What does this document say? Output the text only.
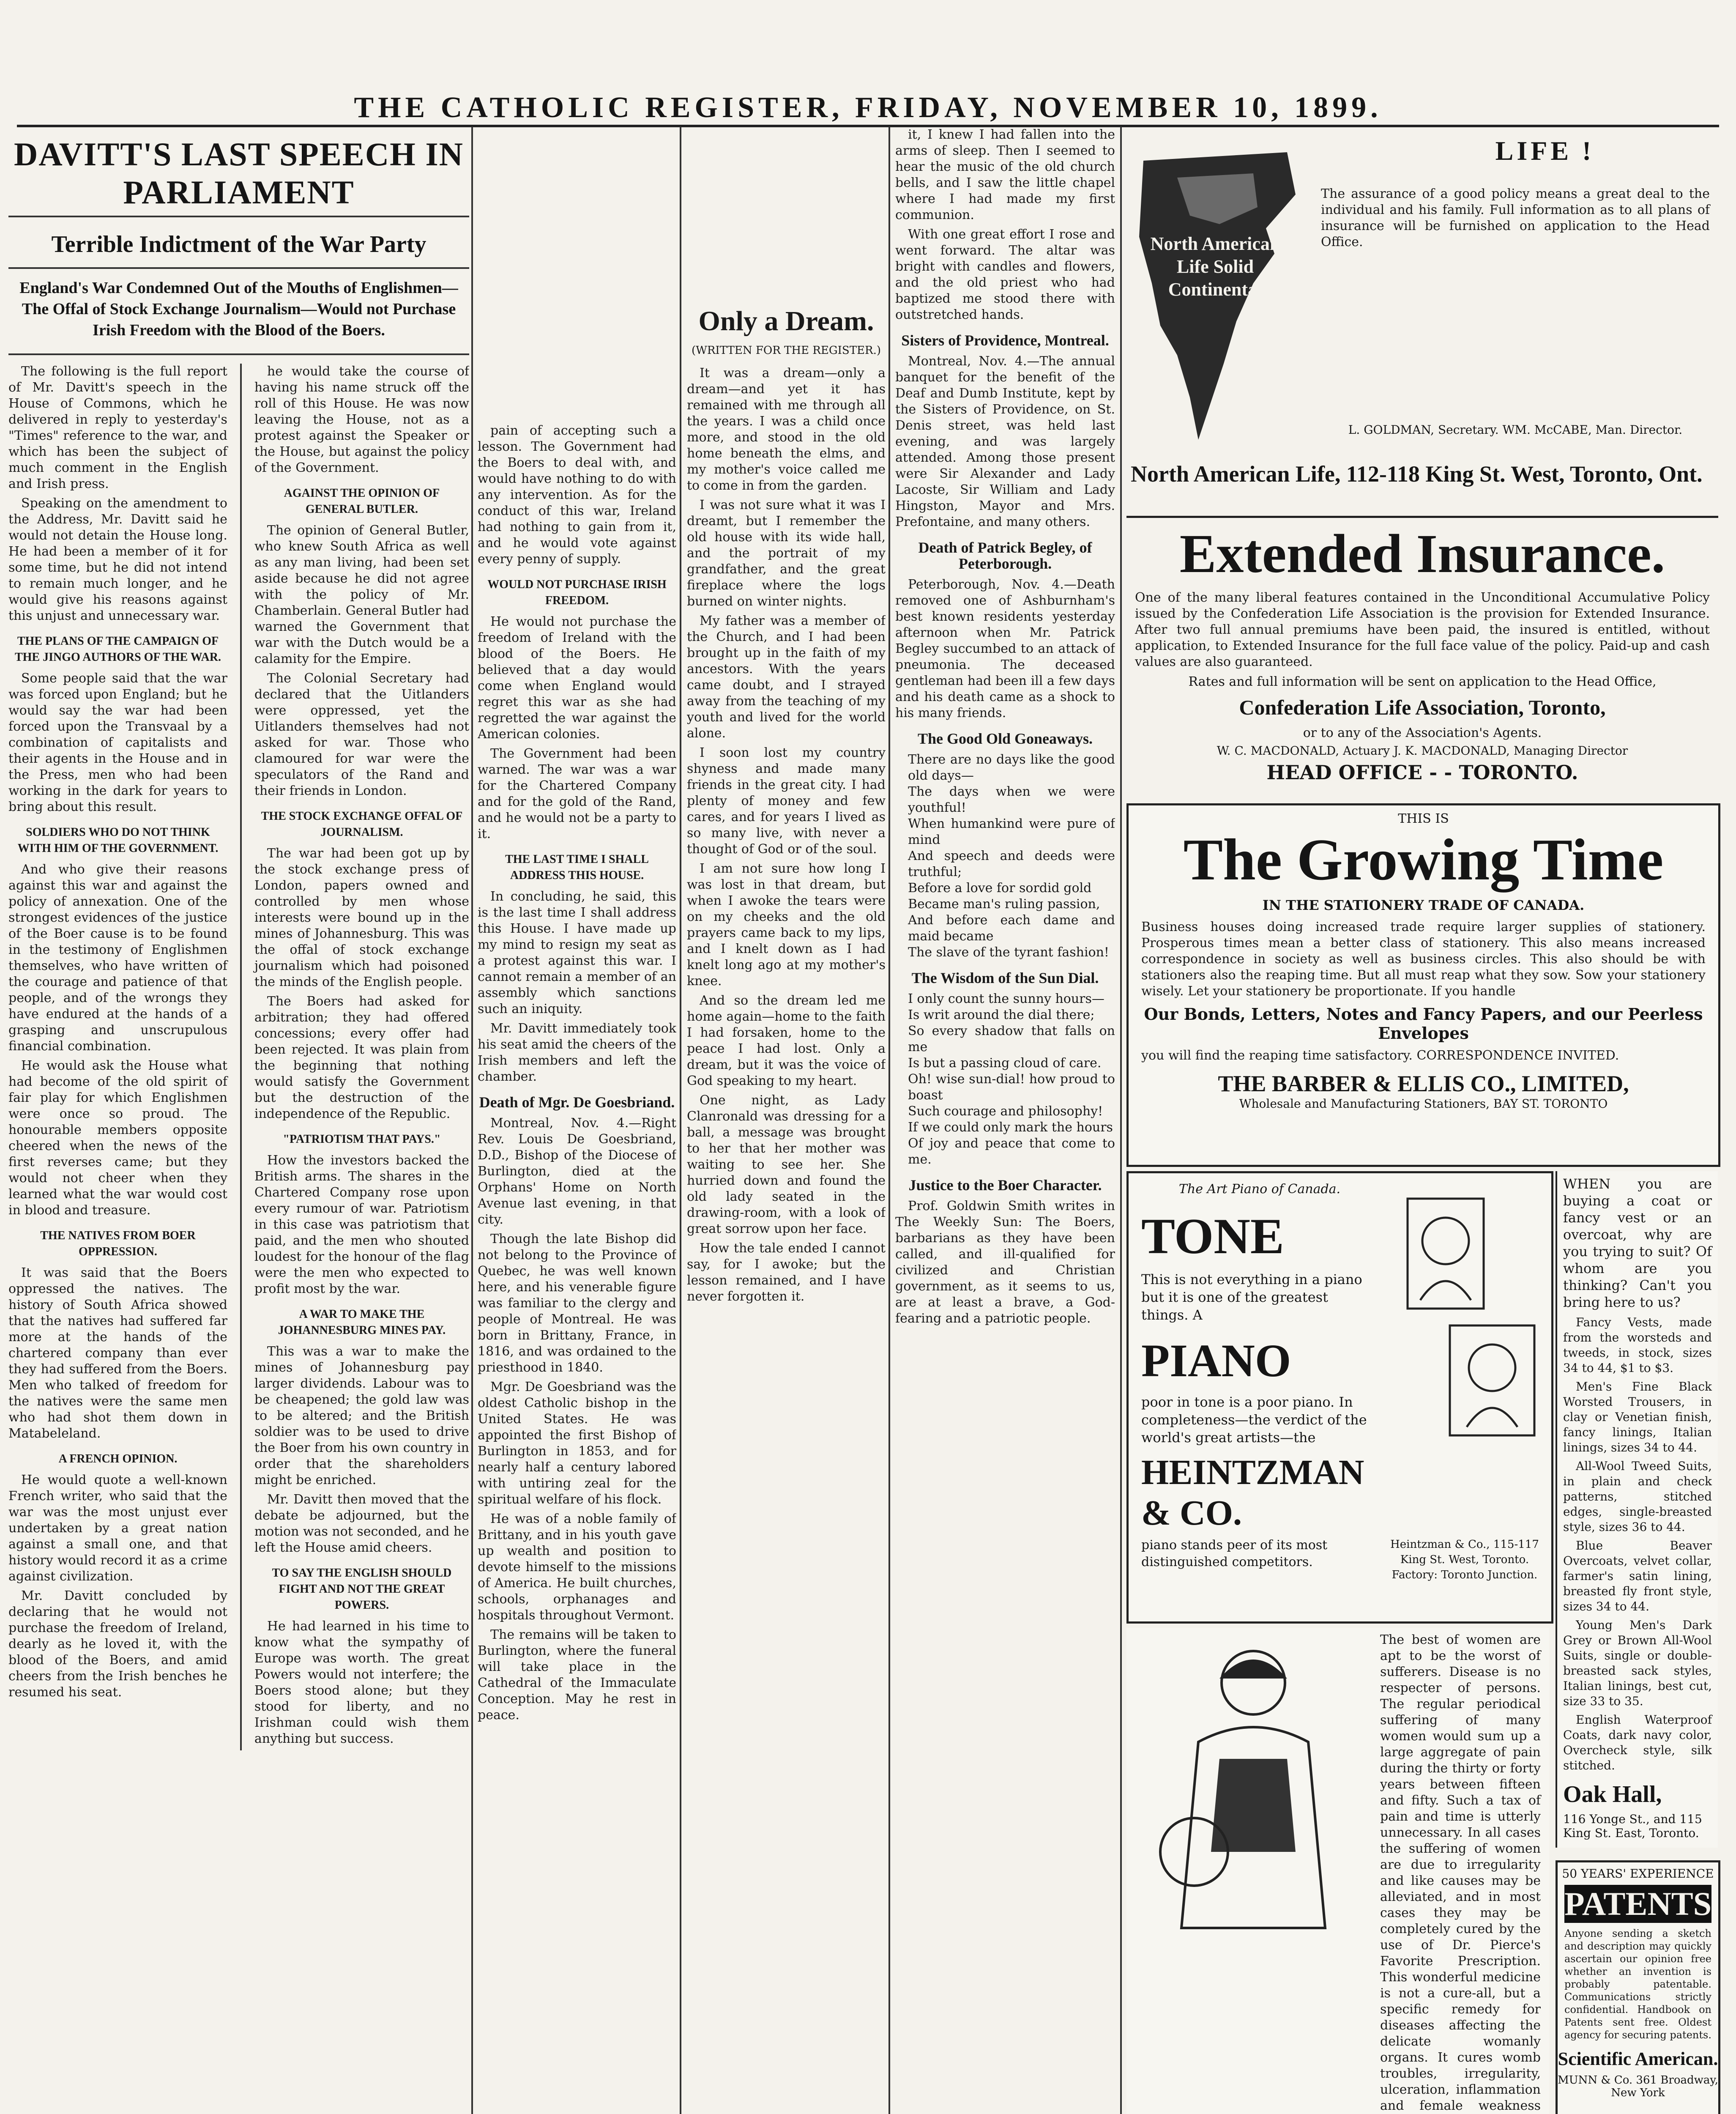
THE CATHOLIC REGISTER, FRIDAY, NOVEMBER 10, 1899.
DAVITT'S LAST SPEECH IN PARLIAMENT
Terrible Indictment of the War Party
England's War Condemned Out of the Mouths of Englishmen—The Offal of Stock Exchange Journalism—Would not Purchase Irish Freedom with the Blood of the Boers.

The following is the full report of Mr. Davitt's speech in the House of Commons, which he delivered in reply to yesterday's "Times" reference to the war, and which has been the subject of much comment in the English and Irish press.

Speaking on the amendment to the Address, Mr. Davitt said he would not detain the House long. He had been a member of it for some time, but he did not intend to remain much longer, and he would give his reasons against this unjust and unnecessary war.

THE PLANS OF THE CAMPAIGN OF THE JINGO AUTHORS OF THE WAR.

Some people said that the war was forced upon England; but he would say the war had been forced upon the Transvaal by a combination of capitalists and their agents in the House and in the Press, men who had been working in the dark for years to bring about this result.

SOLDIERS WHO DO NOT THINK WITH HIM OF THE GOVERNMENT.

And who give their reasons against this war and against the policy of annexation. One of the strongest evidences of the justice of the Boer cause is to be found in the testimony of Englishmen themselves, who have written of the courage and patience of that people, and of the wrongs they have endured at the hands of a grasping and unscrupulous financial combination.

He would ask the House what had become of the old spirit of fair play for which Englishmen were once so proud. The honourable members opposite cheered when the news of the first reverses came; but they would not cheer when they learned what the war would cost in blood and treasure.

THE NATIVES FROM BOER OPPRESSION.

It was said that the Boers oppressed the natives. The history of South Africa showed that the natives had suffered far more at the hands of the chartered company than ever they had suffered from the Boers. Men who talked of freedom for the natives were the same men who had shot them down in Matabeleland.

A FRENCH OPINION.

He would quote a well-known French writer, who said that the war was the most unjust ever undertaken by a great nation against a small one, and that history would record it as a crime against civilization.

Mr. Davitt concluded by declaring that he would not purchase the freedom of Ireland, dearly as he loved it, with the blood of the Boers, and amid cheers from the Irish benches he resumed his seat.

he would take the course of having his name struck off the roll of this House. He was now leaving the House, not as a protest against the Speaker or the House, but against the policy of the Government.

AGAINST THE OPINION OF GENERAL BUTLER.

The opinion of General Butler, who knew South Africa as well as any man living, had been set aside because he did not agree with the policy of Mr. Chamberlain. General Butler had warned the Government that war with the Dutch would be a calamity for the Empire.

The Colonial Secretary had declared that the Uitlanders were oppressed, yet the Uitlanders themselves had not asked for war. Those who clamoured for war were the speculators of the Rand and their friends in London.

THE STOCK EXCHANGE OFFAL OF JOURNALISM.

The war had been got up by the stock exchange press of London, papers owned and controlled by men whose interests were bound up in the mines of Johannesburg. This was the offal of stock exchange journalism which had poisoned the minds of the English people.

The Boers had asked for arbitration; they had offered concessions; every offer had been rejected. It was plain from the beginning that nothing would satisfy the Government but the destruction of the independence of the Republic.

"PATRIOTISM THAT PAYS."

How the investors backed the British arms. The shares in the Chartered Company rose upon every rumour of war. Patriotism in this case was patriotism that paid, and the men who shouted loudest for the honour of the flag were the men who expected to profit most by the war.

A WAR TO MAKE THE JOHANNESBURG MINES PAY.

This was a war to make the mines of Johannesburg pay larger dividends. Labour was to be cheapened; the gold law was to be altered; and the British soldier was to be used to drive the Boer from his own country in order that the shareholders might be enriched.

Mr. Davitt then moved that the debate be adjourned, but the motion was not seconded, and he left the House amid cheers.

TO SAY THE ENGLISH SHOULD FIGHT AND NOT THE GREAT POWERS.

He had learned in his time to know what the sympathy of Europe was worth. The great Powers would not interfere; the Boers stood alone; but they stood for liberty, and no Irishman could wish them anything but success.

pain of accepting such a lesson. The Government had the Boers to deal with, and would have nothing to do with any intervention. As for the conduct of this war, Ireland had nothing to gain from it, and he would vote against every penny of supply.

WOULD NOT PURCHASE IRISH FREEDOM.

He would not purchase the freedom of Ireland with the blood of the Boers. He believed that a day would come when England would regret this war as she had regretted the war against the American colonies.

The Government had been warned. The war was a war for the Chartered Company and for the gold of the Rand, and he would not be a party to it.

THE LAST TIME I SHALL ADDRESS THIS HOUSE.

In concluding, he said, this is the last time I shall address this House. I have made up my mind to resign my seat as a protest against this war. I cannot remain a member of an assembly which sanctions such an iniquity.

Mr. Davitt immediately took his seat amid the cheers of the Irish members and left the chamber.

Death of Mgr. De Goesbriand.

Montreal, Nov. 4.—Right Rev. Louis De Goesbriand, D.D., Bishop of the Diocese of Burlington, died at the Orphans' Home on North Avenue last evening, in that city.

Though the late Bishop did not belong to the Province of Quebec, he was well known here, and his venerable figure was familiar to the clergy and people of Montreal. He was born in Brittany, France, in 1816, and was ordained to the priesthood in 1840.

Mgr. De Goesbriand was the oldest Catholic bishop in the United States. He was appointed the first Bishop of Burlington in 1853, and for nearly half a century labored with untiring zeal for the spiritual welfare of his flock.

He was of a noble family of Brittany, and in his youth gave up wealth and position to devote himself to the missions of America. He built churches, schools, orphanages and hospitals throughout Vermont.

The remains will be taken to Burlington, where the funeral will take place in the Cathedral of the Immaculate Conception. May he rest in peace.

Only a Dream.
(WRITTEN FOR THE REGISTER.)

It was a dream—only a dream—and yet it has remained with me through all the years. I was a child once more, and stood in the old home beneath the elms, and my mother's voice called me to come in from the garden.

I was not sure what it was I dreamt, but I remember the old house with its wide hall, and the portrait of my grandfather, and the great fireplace where the logs burned on winter nights.

My father was a member of the Church, and I had been brought up in the faith of my ancestors. With the years came doubt, and I strayed away from the teaching of my youth and lived for the world alone.

I soon lost my country shyness and made many friends in the great city. I had plenty of money and few cares, and for years I lived as so many live, with never a thought of God or of the soul.

I am not sure how long I was lost in that dream, but when I awoke the tears were on my cheeks and the old prayers came back to my lips, and I knelt down as I had knelt long ago at my mother's knee.

And so the dream led me home again—home to the faith I had forsaken, home to the peace I had lost. Only a dream, but it was the voice of God speaking to my heart.

One night, as Lady Clanronald was dressing for a ball, a message was brought to her that her mother was waiting to see her. She hurried down and found the old lady seated in the drawing-room, with a look of great sorrow upon her face.

How the tale ended I cannot say, for I awoke; but the lesson remained, and I have never forgotten it.

it, I knew I had fallen into the arms of sleep. Then I seemed to hear the music of the old church bells, and I saw the little chapel where I had made my first communion.

With one great effort I rose and went forward. The altar was bright with candles and flowers, and the old priest who had baptized me stood there with outstretched hands.

Sisters of Providence, Montreal.

Montreal, Nov. 4.—The annual banquet for the benefit of the Deaf and Dumb Institute, kept by the Sisters of Providence, on St. Denis street, was held last evening, and was largely attended. Among those present were Sir Alexander and Lady Lacoste, Sir William and Lady Hingston, Mayor and Mrs. Prefontaine, and many others.

Death of Patrick Begley, of Peterborough.

Peterborough, Nov. 4.—Death removed one of Ashburnham's best known residents yesterday afternoon when Mr. Patrick Begley succumbed to an attack of pneumonia. The deceased gentleman had been ill a few days and his death came as a shock to his many friends.

The Good Old Goneaways.
There are no days like the good old days—
The days when we were youthful!
When humankind were pure of mind
And speech and deeds were truthful;
Before a love for sordid gold
Became man's ruling passion,
And before each dame and maid became
The slave of the tyrant fashion!
The Wisdom of the Sun Dial.
I only count the sunny hours—
Is writ around the dial there;
So every shadow that falls on me
Is but a passing cloud of care.
Oh! wise sun-dial! how proud to boast
Such courage and philosophy!
If we could only mark the hours
Of joy and peace that come to me.
Justice to the Boer Character.

Prof. Goldwin Smith writes in The Weekly Sun: The Boers, barbarians as they have been called, and ill-qualified for civilized and Christian government, as it seems to us, are at least a brave, a God-fearing and a patriotic people.

North American Life Solid Continental
LIFE !
The assurance of a good policy means a great deal to the individual and his family. Full information as to all plans of insurance will be furnished on application to the Head Office.
L. GOLDMAN, Secretary. WM. McCABE, Man. Director.
North American Life, 112-118 King St. West, Toronto, Ont.
Extended Insurance.
One of the many liberal features contained in the Unconditional Accumulative Policy issued by the Confederation Life Association is the provision for Extended Insurance. After two full annual premiums have been paid, the insured is entitled, without application, to Extended Insurance for the full face value of the policy. Paid-up and cash values are also guaranteed.
Rates and full information will be sent on application to the Head Office,
Confederation Life Association, Toronto,
or to any of the Association's Agents.
W. C. MACDONALD, Actuary J. K. MACDONALD, Managing Director
HEAD OFFICE - - TORONTO.
THIS IS
The Growing Time
IN THE STATIONERY TRADE OF CANADA.
Business houses doing increased trade require larger supplies of stationery. Prosperous times mean a better class of stationery. This also means increased correspondence in society as well as business circles. This also should be with stationers also the reaping time. But all must reap what they sow. Sow your stationery wisely. Let your stationery be proportionate. If you handle
Our Bonds, Letters, Notes and Fancy Papers, and our Peerless Envelopes
you will find the reaping time satisfactory. CORRESPONDENCE INVITED.
THE BARBER & ELLIS CO., LIMITED,
Wholesale and Manufacturing Stationers, BAY ST. TORONTO
The Art Piano of Canada.
TONE
This is not everything in a piano but it is one of the greatest things. A
PIANO
poor in tone is a poor piano. In completeness—the verdict of the world's great artists—the
HEINTZMAN & CO.
piano stands peer of its most distinguished competitors.
Heintzman & Co., 115-117 King St. West, Toronto. Factory: Toronto Junction.
The best of women are apt to be the worst of sufferers. Disease is no respecter of persons. The regular periodical suffering of many women would sum up a large aggregate of pain during the thirty or forty years between fifteen and fifty. Such a tax of pain and time is utterly unnecessary. In all cases the suffering of women are due to irregularity and like causes may be alleviated, and in most cases they may be completely cured by the use of Dr. Pierce's Favorite Prescription. This wonderful medicine is not a cure-all, but a specific remedy for diseases affecting the delicate womanly organs. It cures womb troubles, irregularity, ulceration, inflammation and female weakness
WHEN you are buying a coat or fancy vest or an overcoat, why are you trying to suit? Of whom are you thinking? Can't you bring here to us?

Fancy Vests, made from the worsteds and tweeds, in stock, sizes 34 to 44, $1 to $3.

Men's Fine Black Worsted Trousers, in clay or Venetian finish, fancy linings, Italian linings, sizes 34 to 44.

All-Wool Tweed Suits, in plain and check patterns, stitched edges, single-breasted style, sizes 36 to 44.

Blue Beaver Overcoats, velvet collar, farmer's satin lining, breasted fly front style, sizes 34 to 44.

Young Men's Dark Grey or Brown All-Wool Suits, single or double-breasted sack styles, Italian linings, best cut, size 33 to 35.

English Waterproof Coats, dark navy color, Overcheck style, silk stitched.

Oak Hall,
116 Yonge St., and 115 King St. East, Toronto.
50 YEARS' EXPERIENCE
PATENTS
Anyone sending a sketch and description may quickly ascertain our opinion free whether an invention is probably patentable. Communications strictly confidential. Handbook on Patents sent free. Oldest agency for securing patents.
Scientific American.
MUNN & Co. 361 Broadway, New York
